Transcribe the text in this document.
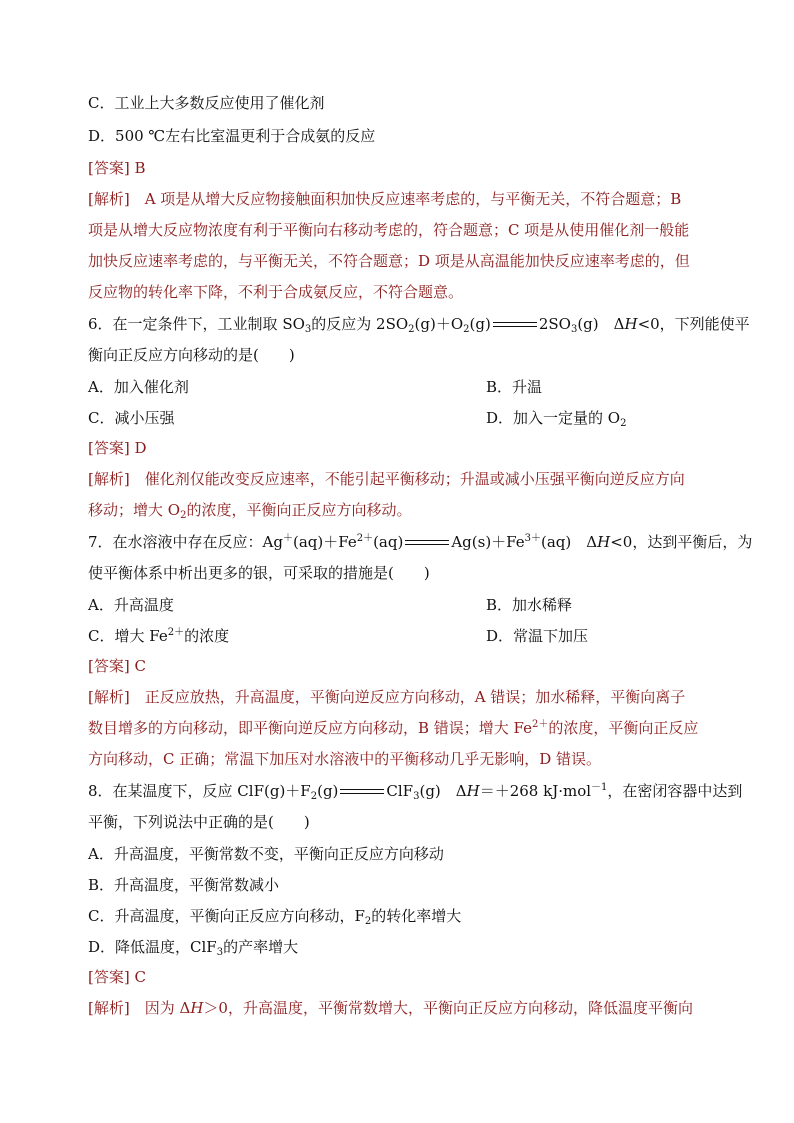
C．工业上大多数反应使用了催化剂
D．500 ℃左右比室温更利于合成氨的反应
[答案] B
[解析]　A 项是从增大反应物接触面积加快反应速率考虑的，与平衡无关，不符合题意；B
项是从增大反应物浓度有利于平衡向右移动考虑的，符合题意；C 项是从使用催化剂一般能
加快反应速率考虑的，与平衡无关，不符合题意；D 项是从高温能加快反应速率考虑的，但
反应物的转化率下降，不利于合成氨反应，不符合题意。
6．在一定条件下，工业制取 $SO_3$的反应为 $2SO_2(g)+O_2(g)$	$2SO_3(g)$　ΔH<0，下列能使平
衡向正反应方向移动的是(　　)
A．加入催化剂	B．升温
C．减小压强	D．加入一定量的 $O_2$
[答案] D
[解析]　催化剂仅能改变反应速率，不能引起平衡移动；升温或减小压强平衡向逆反应方向
移动；增大 $O_2$的浓度，平衡向正反应方向移动。
7．在水溶液中存在反应：$Ag^+(aq)+Fe^{2+}(aq)$	$Ag(s)+Fe^{3+}(aq)$　ΔH<0，达到平衡后，为
使平衡体系中析出更多的银，可采取的措施是(　　)
A．升高温度	B．加水稀释
C．增大 $Fe^{2+}$的浓度	D．常温下加压
[答案] C
[解析]　正反应放热，升高温度，平衡向逆反应方向移动，A 错误；加水稀释，平衡向离子
数目增多的方向移动，即平衡向逆反应方向移动，B 错误；增大 $Fe^{2+}$的浓度，平衡向正反应
方向移动，C 正确；常温下加压对水溶液中的平衡移动几乎无影响，D 错误。
8．在某温度下，反应 $ClF(g)+F_2(g)$	ClF$_3$(g)　ΔH＝＋268 kJ·mol$^{-1}$，在密闭容器中达到
平衡，下列说法中正确的是(　　)
A．升高温度，平衡常数不变，平衡向正反应方向移动
B．升高温度，平衡常数减小
C．升高温度，平衡向正反应方向移动，$F_2$的转化率增大
D．降低温度，ClF$_3$的产率增大
[答案] C
[解析]　因为 ΔH＞0，升高温度，平衡常数增大，平衡向正反应方向移动，降低温度平衡向
